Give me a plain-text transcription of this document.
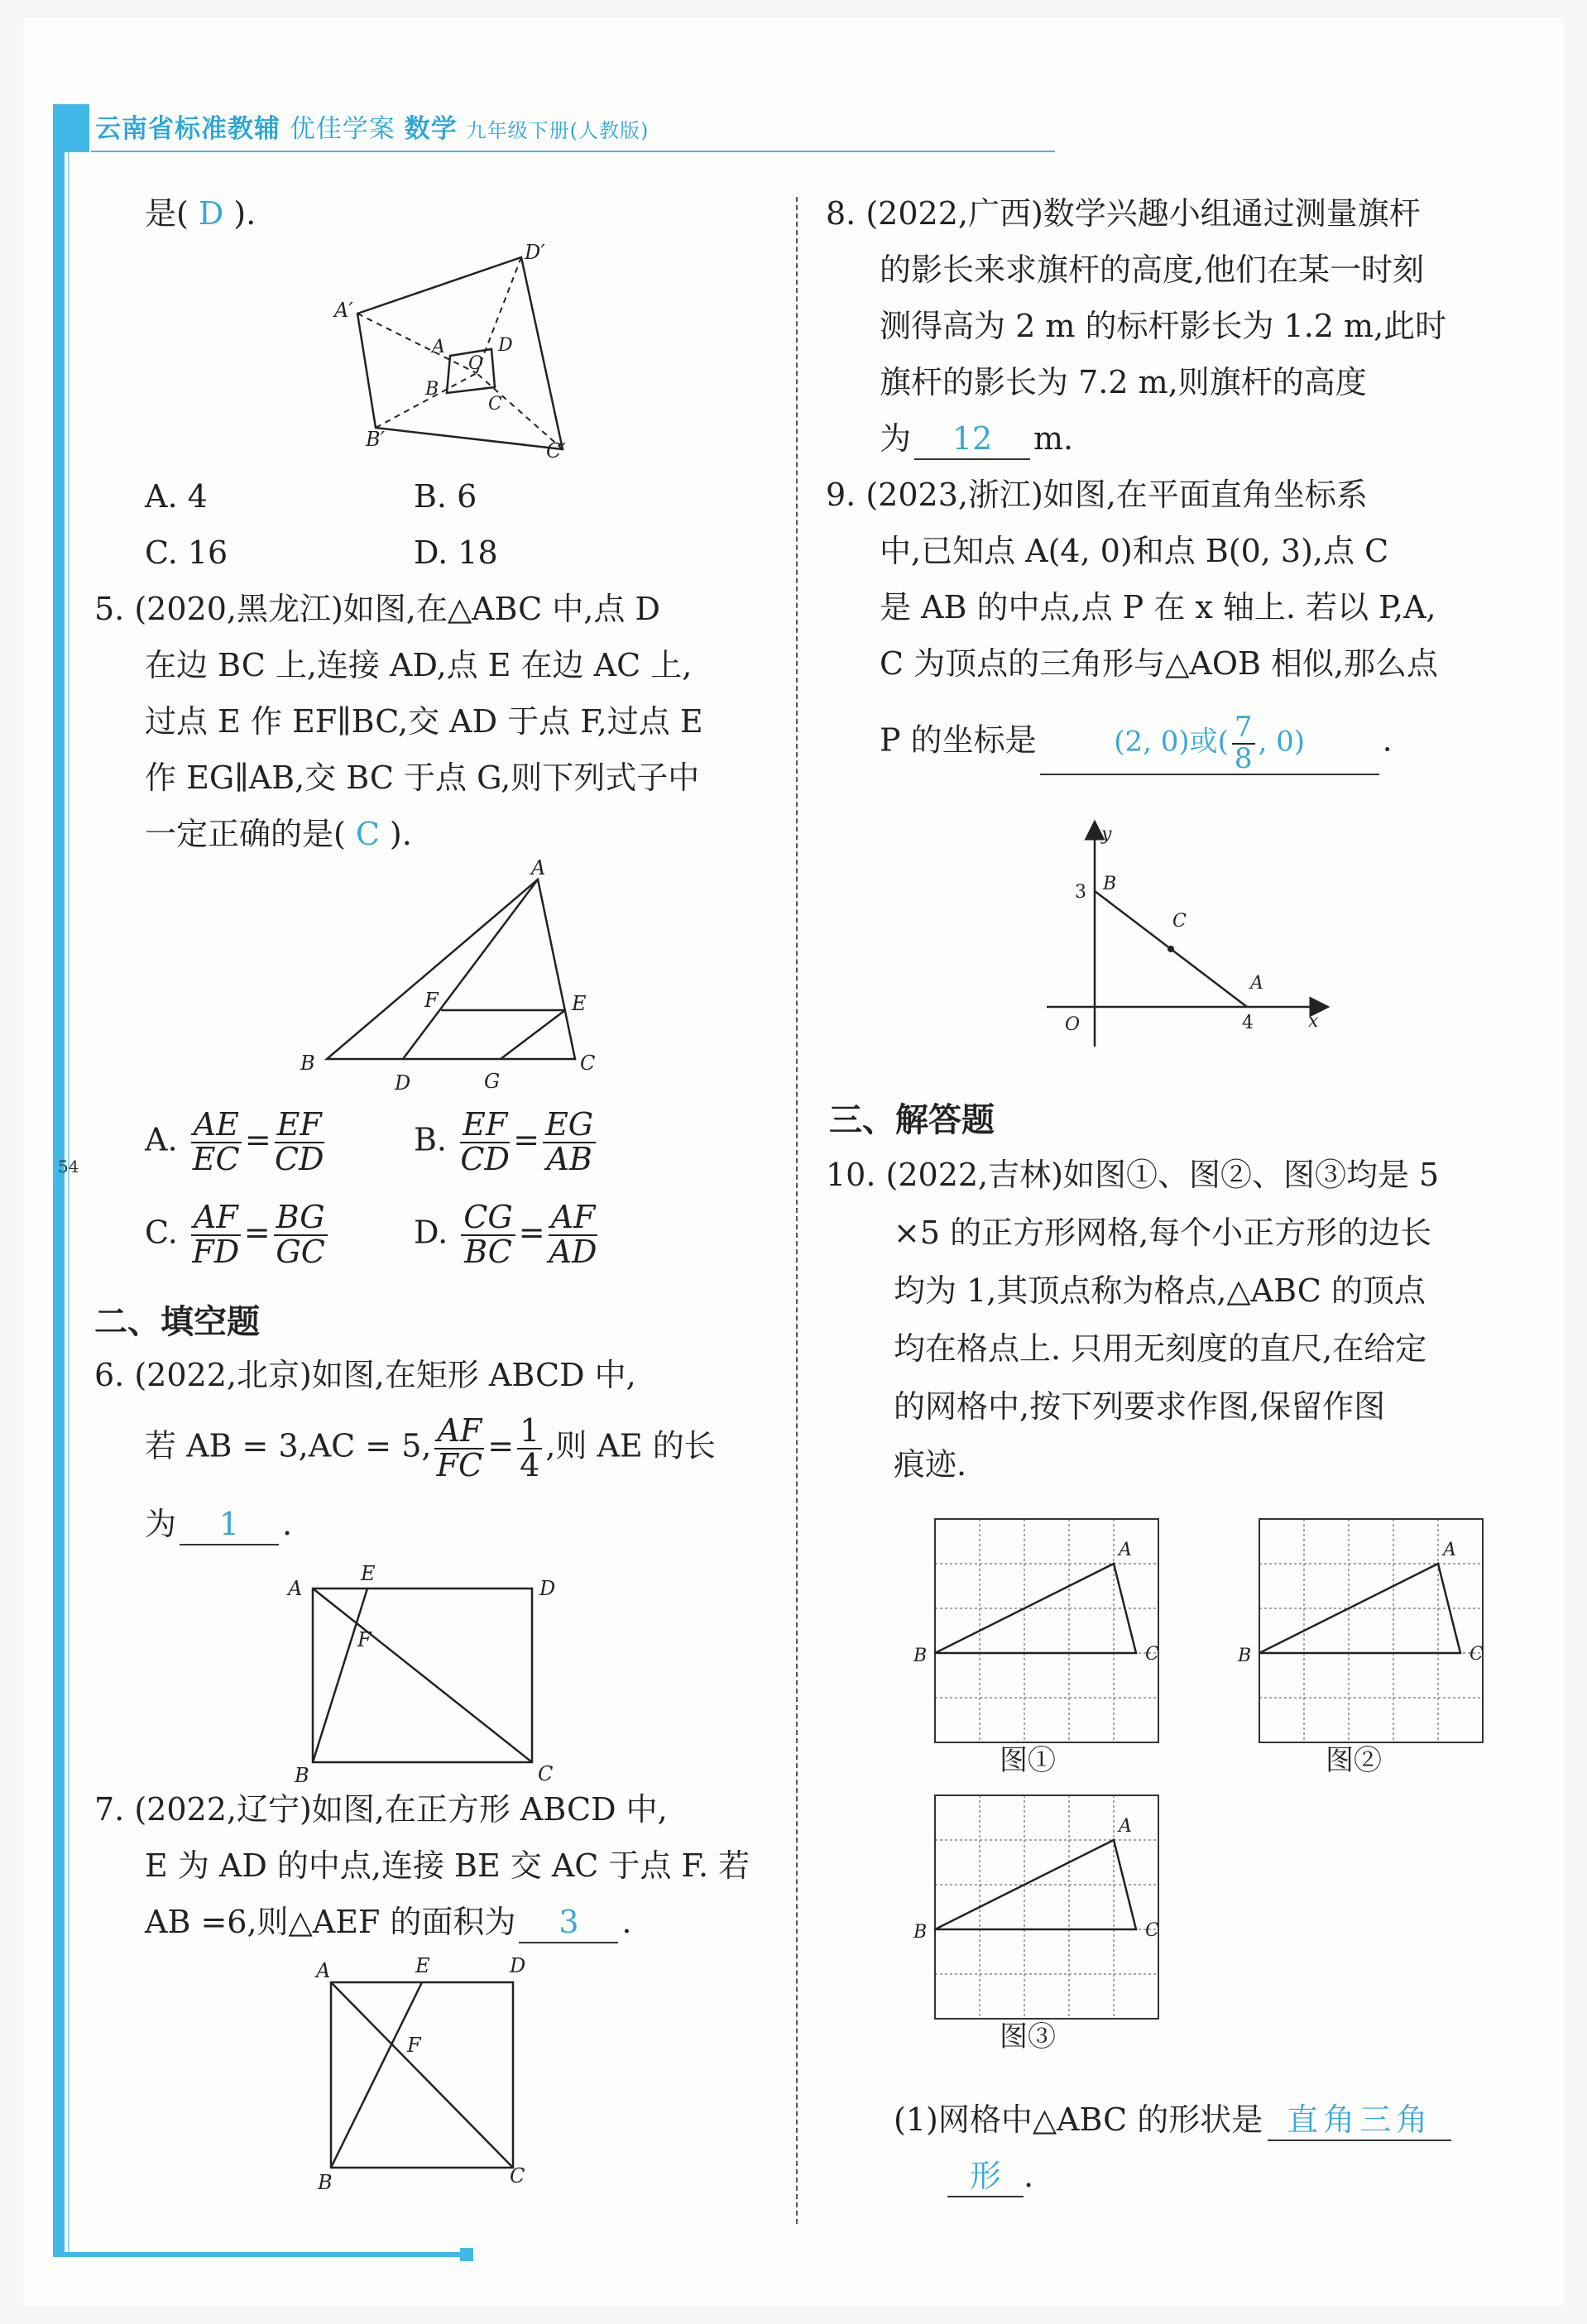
云南省标准教辅 优佳学案 数学 九年级下册(人教版)
54
是( D ).
A′
D′
C′
B′
A	D
C
B
O
A. 4	B. 6
C. 16	D. 18
5. (2020,黑龙江)如图,在△ABC 中,点 D
在边 BC 上,连接 AD,点 E 在边 AC 上,
过点 E 作 EF∥BC,交 AD 于点 F,过点 E
作 EG∥AB,交 BC 于点 G,则下列式子中
一定正确的是( C ).
A
B	C
D
E
F
G
A. $\frac{AE}{EC} = \frac{EF}{CD}$	B. $\frac{EF}{CD} = \frac{EG}{AB}$
C. $\frac{AF}{FD} = \frac{BG}{GC}$	D. $\frac{CG}{BC} = \frac{AF}{AD}$
二、填空题
6. (2022,北京)如图,在矩形 ABCD 中,
若 AB = 3,AC = 5, $\frac{AF}{FC} = \frac{1}{4}$ ,则 AE 的长
为 1 .
A
E
D
F
B	C
7. (2022,辽宁)如图,在正方形 ABCD 中,
E 为 AD 的中点,连接 BE 交 AC 于点 F. 若
AB =6,则△AEF 的面积为 3 .
A	E	D
F
B	C
8. (2022,广西)数学兴趣小组通过测量旗杆
的影长来求旗杆的高度,他们在某一时刻
测得高为 2 m 的标杆影长为 1.2 m,此时
旗杆的影长为 7.2 m,则旗杆的高度
为 12 m.
9. (2023,浙江)如图,在平面直角坐标系
中,已知点 A(4, 0)和点 B(0, 3),点 C
是 AB 的中点,点 P 在 x 轴上. 若以 P,A,
C 为顶点的三角形与△AOB 相似,那么点
P 的坐标是	(2, 0)或( $\frac{7}{8}$ , 0) .
y
x
O
B
C
A
3
4
三、解答题
10. (2022,吉林)如图①、图②、图③均是 5
×5 的正方形网格,每个小正方形的边长
均为 1,其顶点称为格点,△ABC 的顶点
均在格点上. 只用无刻度的直尺,在给定
的网格中,按下列要求作图,保留作图
痕迹.
A
B	C
图①
A
B	C
图②
A
B	C
图③
(1)网格中△ABC 的形状是 直角三角
形 .
